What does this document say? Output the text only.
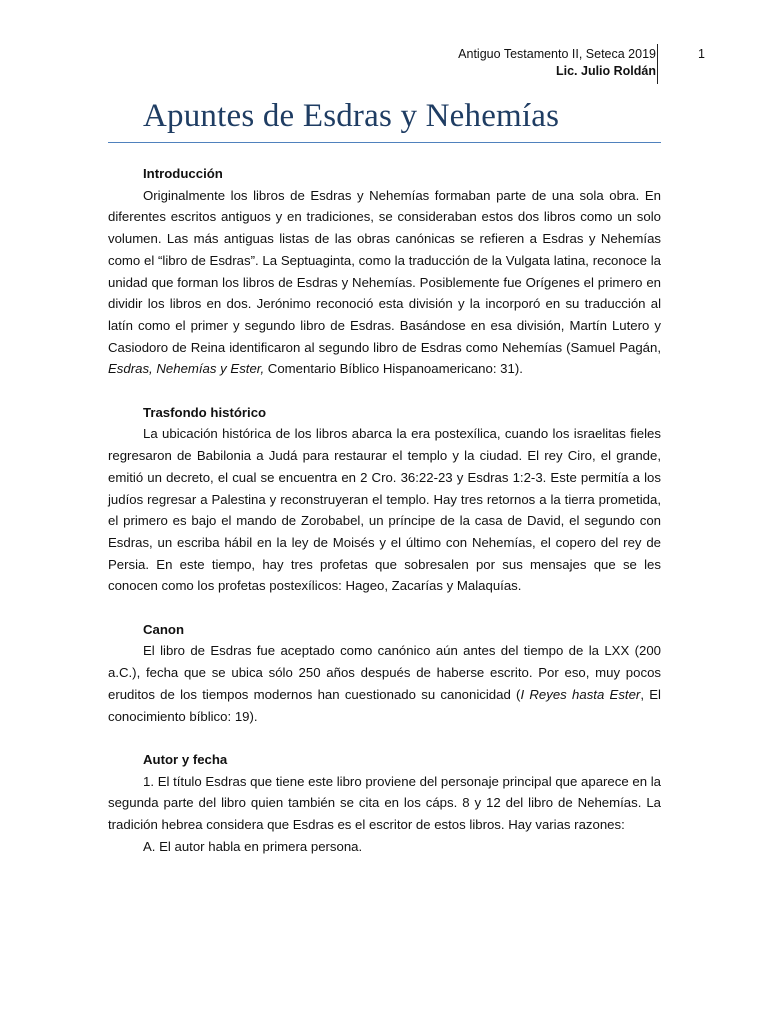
Antiguo Testamento II, Seteca 2019
Lic. Julio Roldán
1
Apuntes de Esdras y Nehemías

Introducción

Originalmente los libros de Esdras y Nehemías formaban parte de una sola obra. En diferentes escritos antiguos y en tradiciones, se consideraban estos dos libros como un solo volumen. Las más antiguas listas de las obras canónicas se refieren a Esdras y Nehemías como el “libro de Esdras”. La Septuaginta, como la traducción de la Vulgata latina, reconoce la unidad que forman los libros de Esdras y Nehemías. Posiblemente fue Orígenes el primero en dividir los libros en dos. Jerónimo reconoció esta división y la incorporó en su traducción al latín como el primer y segundo libro de Esdras. Basándose en esa división, Martín Lutero y Casiodoro de Reina identificaron al segundo libro de Esdras como Nehemías (Samuel Pagán, Esdras, Nehemías y Ester, Comentario Bíblico Hispanoamericano: 31).

Trasfondo histórico

La ubicación histórica de los libros abarca la era postexílica, cuando los israelitas fieles regresaron de Babilonia a Judá para restaurar el templo y la ciudad. El rey Ciro, el grande, emitió un decreto, el cual se encuentra en 2 Cro. 36:22-23 y Esdras 1:2-3. Este permitía a los judíos regresar a Palestina y reconstruyeran el templo. Hay tres retornos a la tierra prometida, el primero es bajo el mando de Zorobabel, un príncipe de la casa de David, el segundo con Esdras, un escriba hábil en la ley de Moisés y el último con Nehemías, el copero del rey de Persia. En este tiempo, hay tres profetas que sobresalen por sus mensajes que se les conocen como los profetas postexílicos: Hageo, Zacarías y Malaquías.

Canon

El libro de Esdras fue aceptado como canónico aún antes del tiempo de la LXX (200 a.C.), fecha que se ubica sólo 250 años después de haberse escrito. Por eso, muy pocos eruditos de los tiempos modernos han cuestionado su canonicidad (I Reyes hasta Ester, El conocimiento bíblico: 19).

Autor y fecha

1. El título Esdras que tiene este libro proviene del personaje principal que aparece en la segunda parte del libro quien también se cita en los cáps. 8 y 12 del libro de Nehemías. La tradición hebrea considera que Esdras es el escritor de estos libros. Hay varias razones:

A. El autor habla en primera persona.
